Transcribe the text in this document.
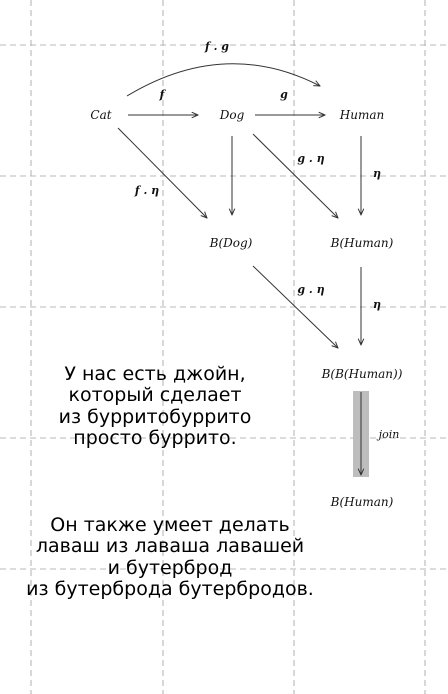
Cat	Dog	Human
B(Dog)	B(Human)
B(B(Human))
B(Human)
f . g
f	g
f . η
g . η
η
g . η
η
join

У нас есть джойн,
который сделает
из бурритобуррито
просто буррито.

Он также умеет делать
лаваш из лаваша лавашей
и бутерброд
из бутерброда бутербродов.
